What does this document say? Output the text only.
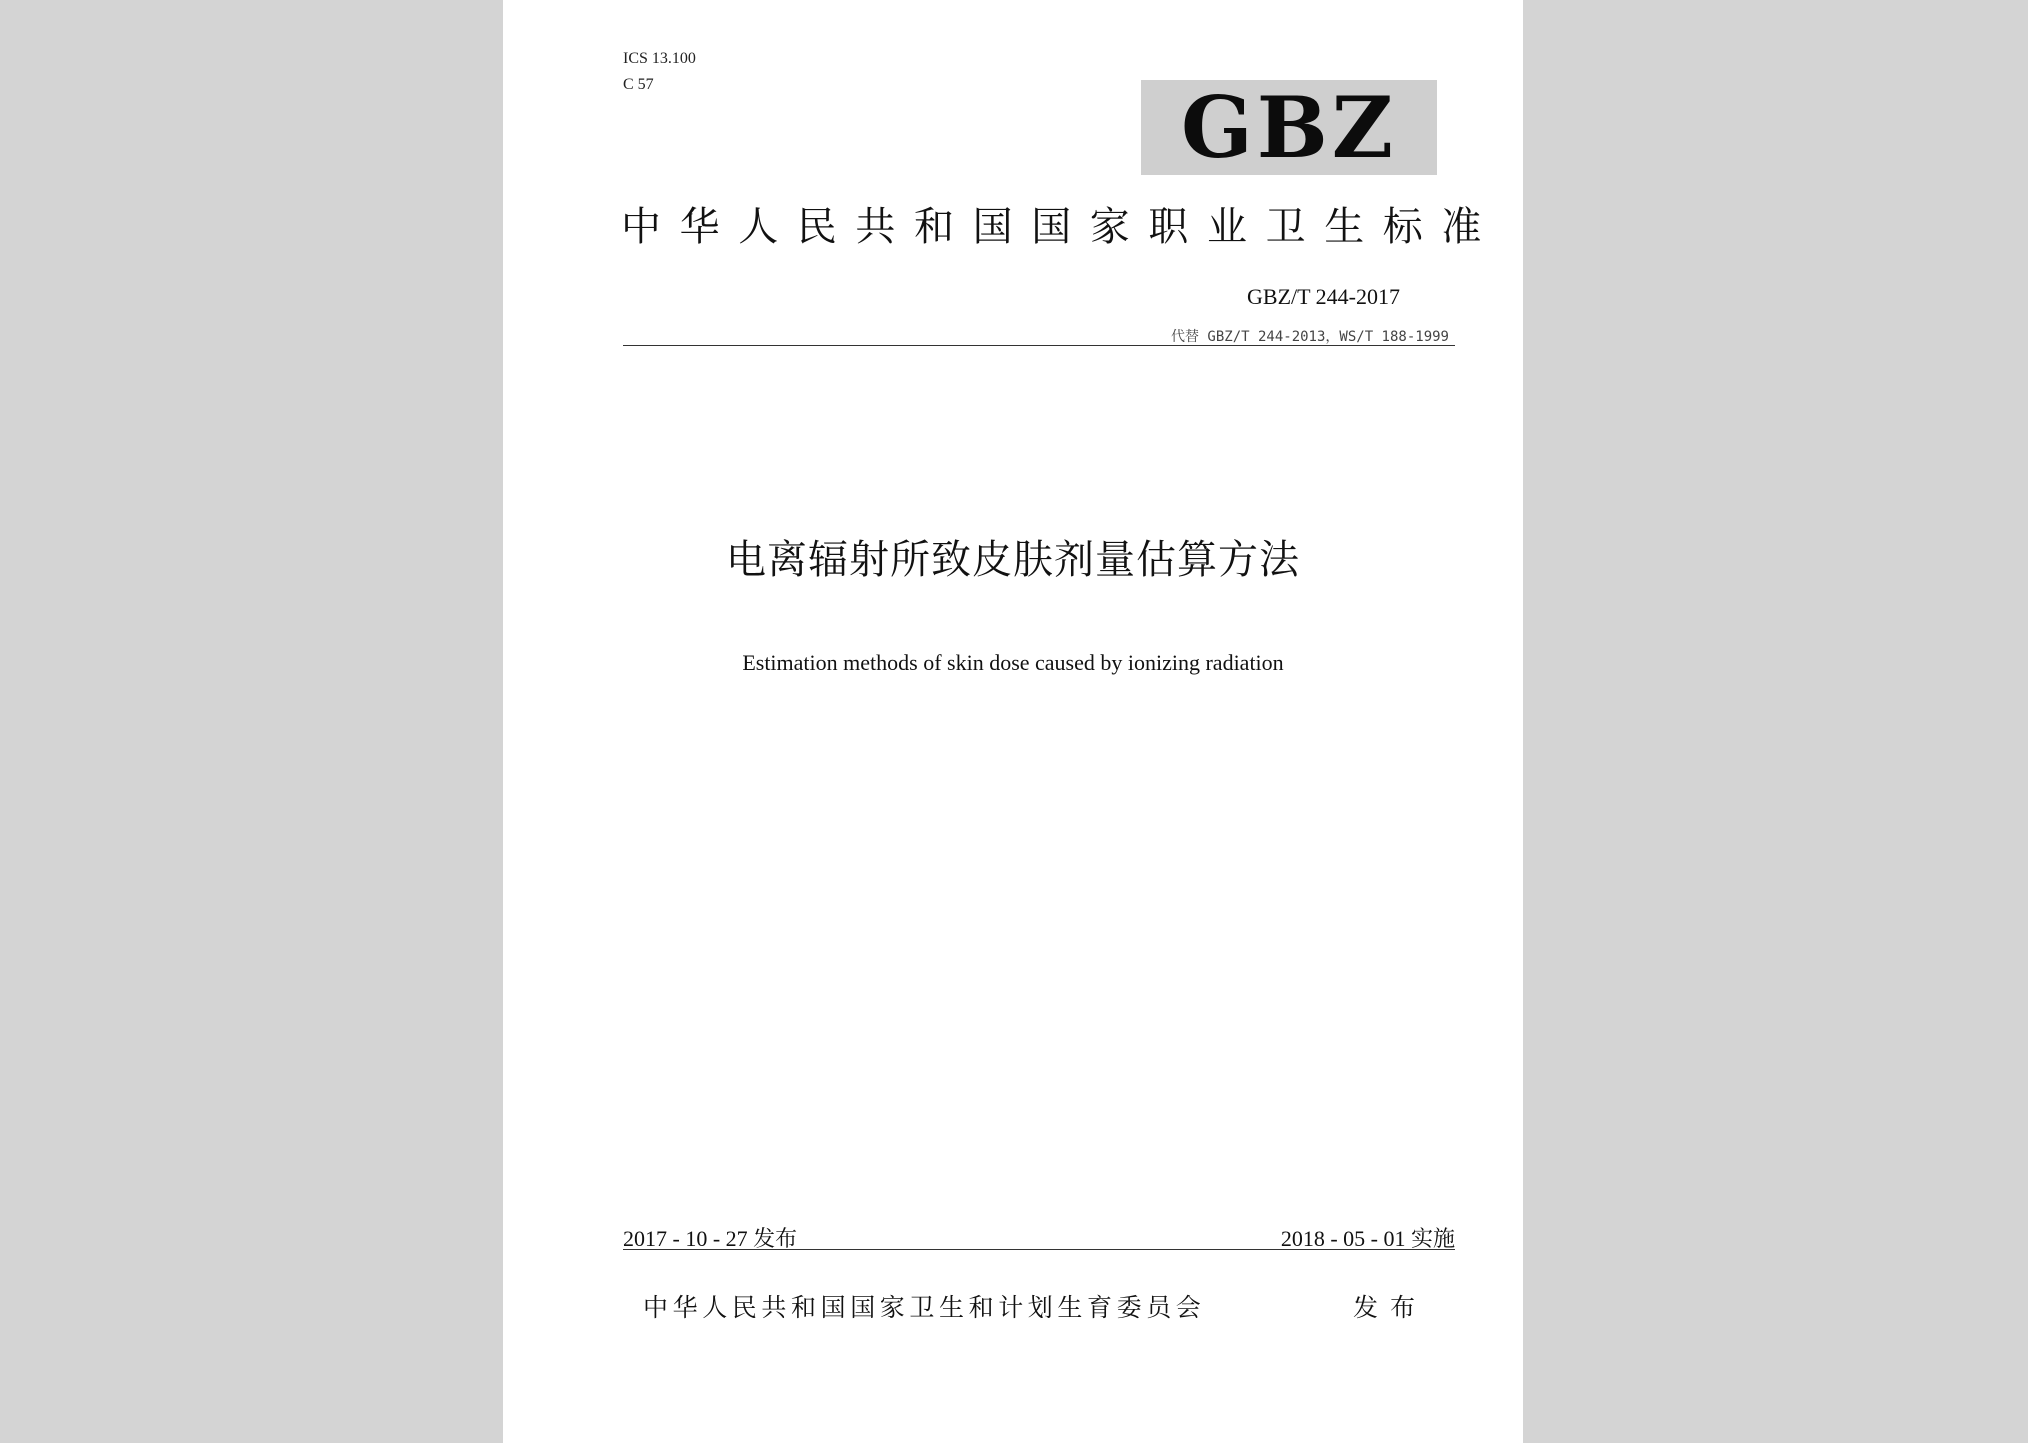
ICS 13.100
C 57	GBZ
中华人民共和国国家职业卫生标准
GBZ/T 244-2017
代替 GBZ/T 244-2013，WS/T 188-1999
电离辐射所致皮肤剂量估算方法
Estimation methods of skin dose caused by ionizing radiation
2017 - 10 - 27 发布	2018 - 05 - 01 实施
中华人民共和国国家卫生和计划生育委员会	发布
